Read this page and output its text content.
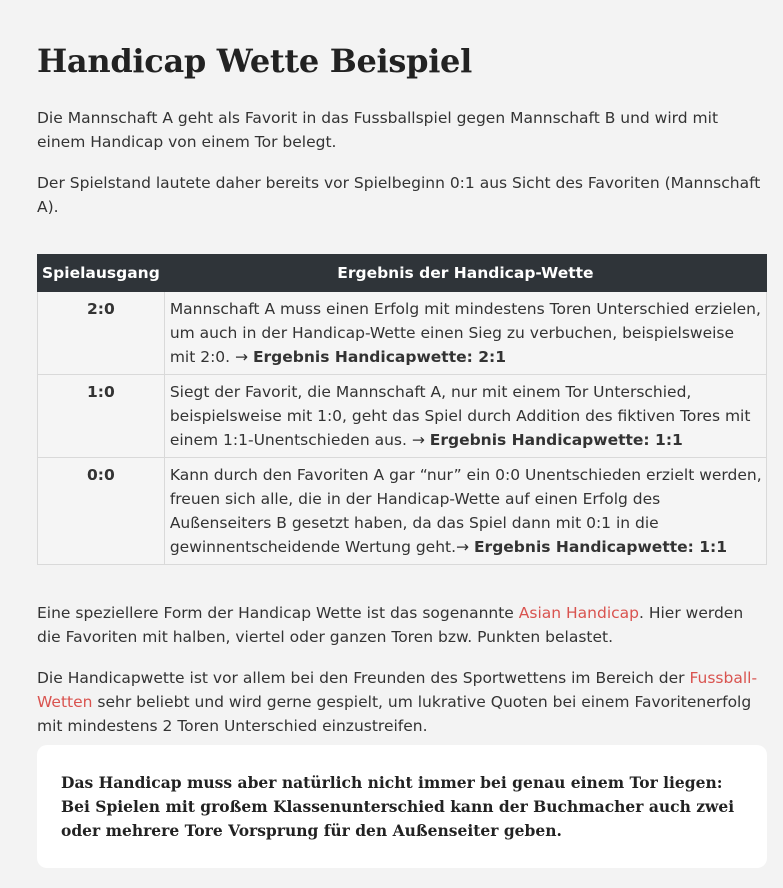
Handicap Wette Beispiel

Die Mannschaft A geht als Favorit in das Fussballspiel gegen Mannschaft B und wird mit einem Handicap von einem Tor belegt.

Der Spielstand lautete daher bereits vor Spielbeginn 0:1 aus Sicht des Favoriten (Mannschaft A).

Spielausgang	Ergebnis der Handicap-Wette
2:0	Mannschaft A muss einen Erfolg mit mindestens Toren Unterschied erzielen, um auch in der Handicap-Wette einen Sieg zu verbuchen, beispielsweise mit 2:0. → Ergebnis Handicapwette: 2:1
1:0	Siegt der Favorit, die Mannschaft A, nur mit einem Tor Unterschied, beispielsweise mit 1:0, geht das Spiel durch Addition des fiktiven Tores mit einem 1:1-Unentschieden aus. → Ergebnis Handicapwette: 1:1
0:0	Kann durch den Favoriten A gar “nur” ein 0:0 Unentschieden erzielt werden, freuen sich alle, die in der Handicap-Wette auf einen Erfolg des Außenseiters B gesetzt haben, da das Spiel dann mit 0:1 in die gewinnentscheidende Wertung geht.→ Ergebnis Handicapwette: 1:1

Eine speziellere Form der Handicap Wette ist das sogenannte Asian Handicap. Hier werden die Favoriten mit halben, viertel oder ganzen Toren bzw. Punkten belastet.

Die Handicapwette ist vor allem bei den Freunden des Sportwettens im Bereich der Fussball-Wetten sehr beliebt und wird gerne gespielt, um lukrative Quoten bei einem Favoritenerfolg mit mindestens 2 Toren Unterschied einzustreifen.

Das Handicap muss aber natürlich nicht immer bei genau einem Tor liegen: Bei Spielen mit großem Klassenunterschied kann der Buchmacher auch zwei oder mehrere Tore Vorsprung für den Außenseiter geben.
